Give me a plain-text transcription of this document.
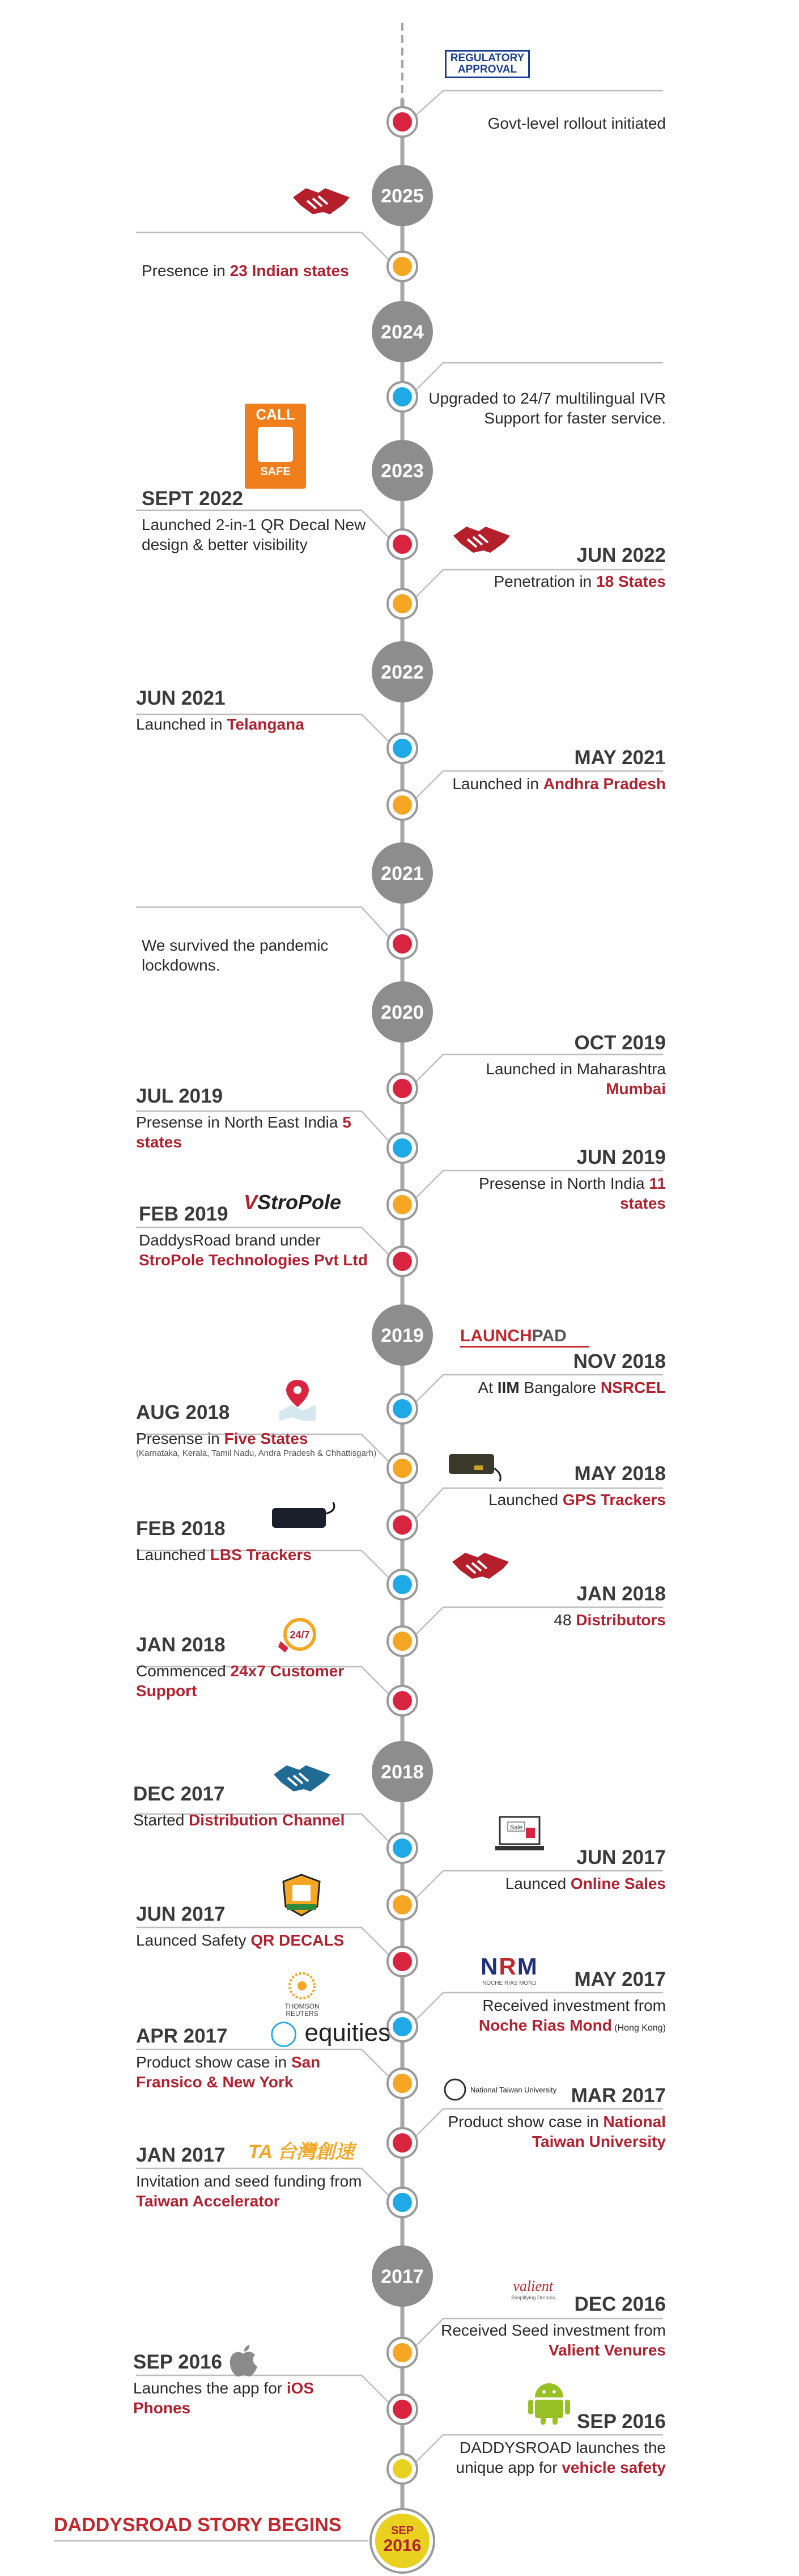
2025
2024
2023
2022
2021
2020
2019
2018
2017
SEP
2016
DADDYSROAD STORY BEGINS
Govt-level rollout initiated
Presence in 23 Indian states
Upgraded to 24/7 multilingual IVR Support for faster service.
SEPT 2022
Launched 2-in-1 QR Decal New design & better visibility	JUN 2022
Penetration in 18 States
JUN 2021
Launched in Telangana
MAY 2021
Launched in Andhra Pradesh
We survived the pandemic lockdowns.
OCT 2019
Launched in Maharashtra Mumbai
JUL 2019
Presense in North East India 5 states
JUN 2019
Presense in North India 11 states
FEB 2019
DaddysRoad brand under StroPole Technologies Pvt Ltd
NOV 2018
At IIM Bangalore NSRCEL
AUG 2018
Presense in Five States
(Karnataka, Kerala, Tamil Nadu, Andra Pradesh & Chhattisgarh)
MAY 2018
Launched GPS Trackers
FEB 2018
Launched LBS Trackers
JAN 2018
48 Distributors
JAN 2018
Commenced 24x7 Customer Support
DEC 2017
Started Distribution Channel
JUN 2017
Launced Online Sales
JUN 2017
Launced Safety QR DECALS
MAY 2017
Received investment from Noche Rias Mond (Hong Kong)
APR 2017
Product show case in San Fransico & New York
MAR 2017
Product show case in National Taiwan University
JAN 2017
Invitation and seed funding from Taiwan Accelerator
DEC 2016
Received Seed investment from Valient Venures
SEP 2016
Launches the app for iOS Phones
SEP 2016
DADDYSROAD launches the unique app for vehicle safety
REGULATORY APPROVAL
CALL
SAFE
VStroPole
LAUNCHPAD
24/7
Sale
NRM
NOCHE RIAS MOND
THOMSON REUTERS
◯ equities
National Taiwan University
TA 台灣創速
valient
Simplifying Dreams
